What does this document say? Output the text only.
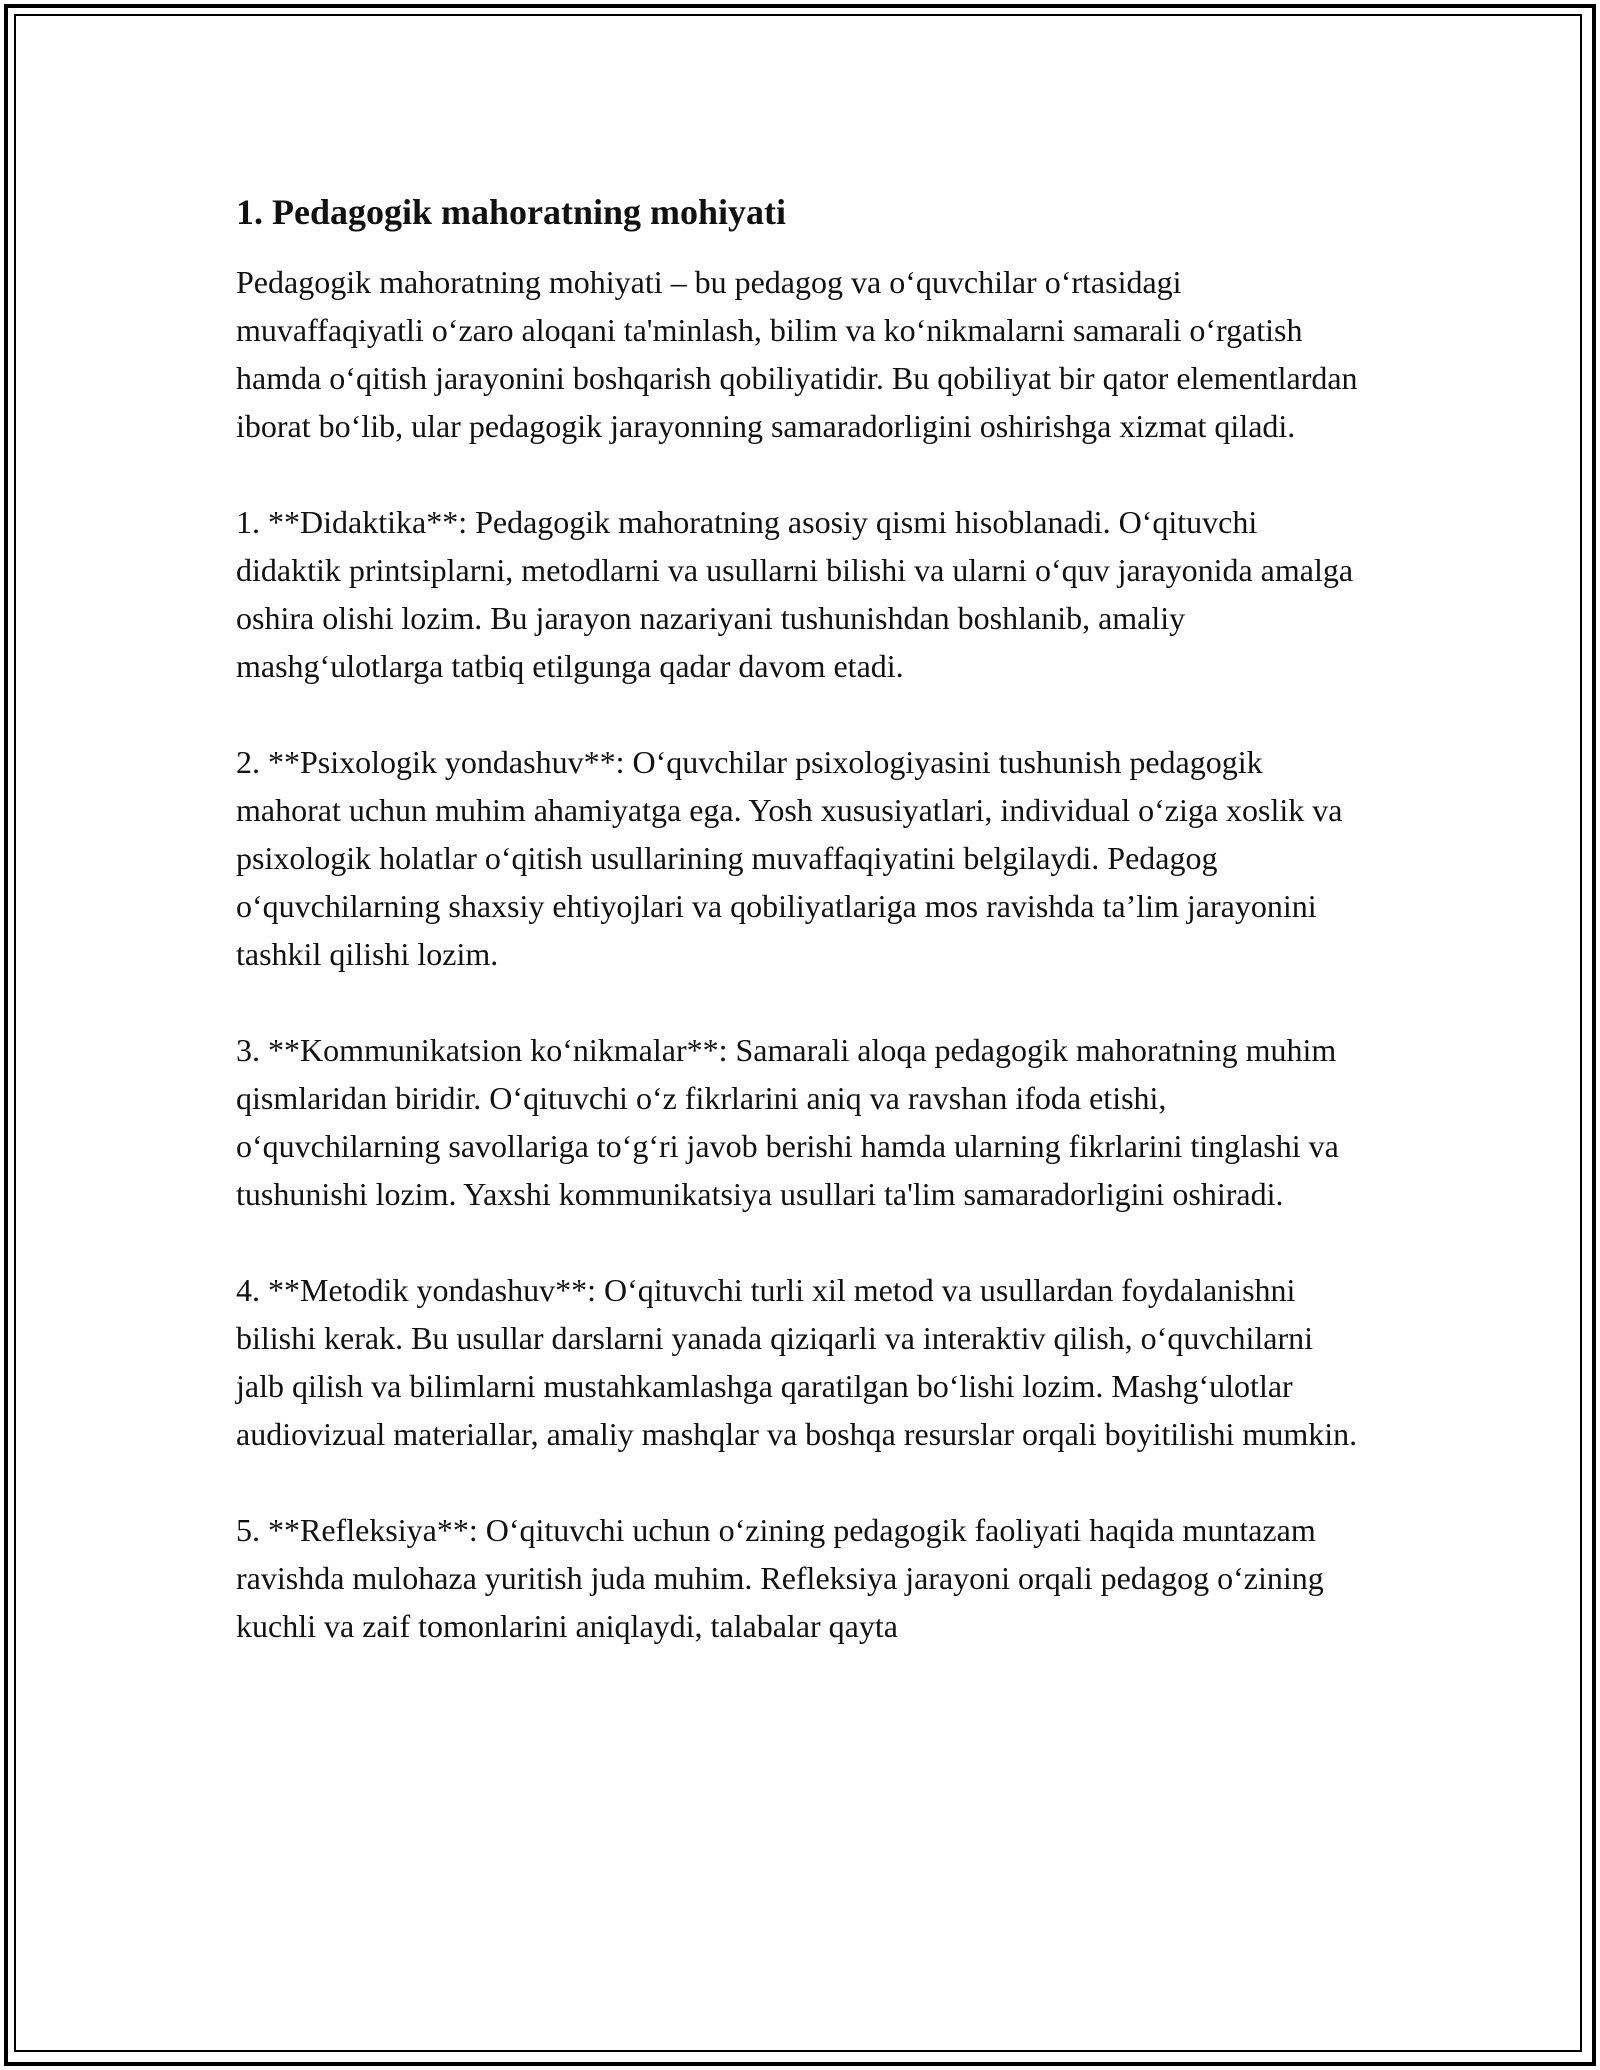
1. Pedagogik mahoratning mohiyati

Pedagogik mahoratning mohiyati – bu pedagog va o‘quvchilar o‘rtasidagi muvaffaqiyatli o‘zaro aloqani ta'minlash, bilim va ko‘nikmalarni samarali o‘rgatish hamda o‘qitish jarayonini boshqarish qobiliyatidir. Bu qobiliyat bir qator elementlardan iborat bo‘lib, ular pedagogik jarayonning samaradorligini oshirishga xizmat qiladi.

1. **Didaktika**: Pedagogik mahoratning asosiy qismi hisoblanadi. O‘qituvchi didaktik printsiplarni, metodlarni va usullarni bilishi va ularni o‘quv jarayonida amalga oshira olishi lozim. Bu jarayon nazariyani tushunishdan boshlanib, amaliy mashg‘ulotlarga tatbiq etilgunga qadar davom etadi.

2. **Psixologik yondashuv**: O‘quvchilar psixologiyasini tushunish pedagogik mahorat uchun muhim ahamiyatga ega. Yosh xususiyatlari, individual o‘ziga xoslik va psixologik holatlar o‘qitish usullarining muvaffaqiyatini belgilaydi. Pedagog o‘quvchilarning shaxsiy ehtiyojlari va qobiliyatlariga mos ravishda ta’lim jarayonini tashkil qilishi lozim.

3. **Kommunikatsion ko‘nikmalar**: Samarali aloqa pedagogik mahoratning muhim qismlaridan biridir. O‘qituvchi o‘z fikrlarini aniq va ravshan ifoda etishi, o‘quvchilarning savollariga to‘g‘ri javob berishi hamda ularning fikrlarini tinglashi va tushunishi lozim. Yaxshi kommunikatsiya usullari ta'lim samaradorligini oshiradi.

4. **Metodik yondashuv**: O‘qituvchi turli xil metod va usullardan foydalanishni bilishi kerak. Bu usullar darslarni yanada qiziqarli va interaktiv qilish, o‘quvchilarni jalb qilish va bilimlarni mustahkamlashga qaratilgan bo‘lishi lozim. Mashg‘ulotlar audiovizual materiallar, amaliy mashqlar va boshqa resurslar orqali boyitilishi mumkin.

5. **Refleksiya**: O‘qituvchi uchun o‘zining pedagogik faoliyati haqida muntazam ravishda mulohaza yuritish juda muhim. Refleksiya jarayoni orqali pedagog o‘zining kuchli va zaif tomonlarini aniqlaydi, talabalar qayta
